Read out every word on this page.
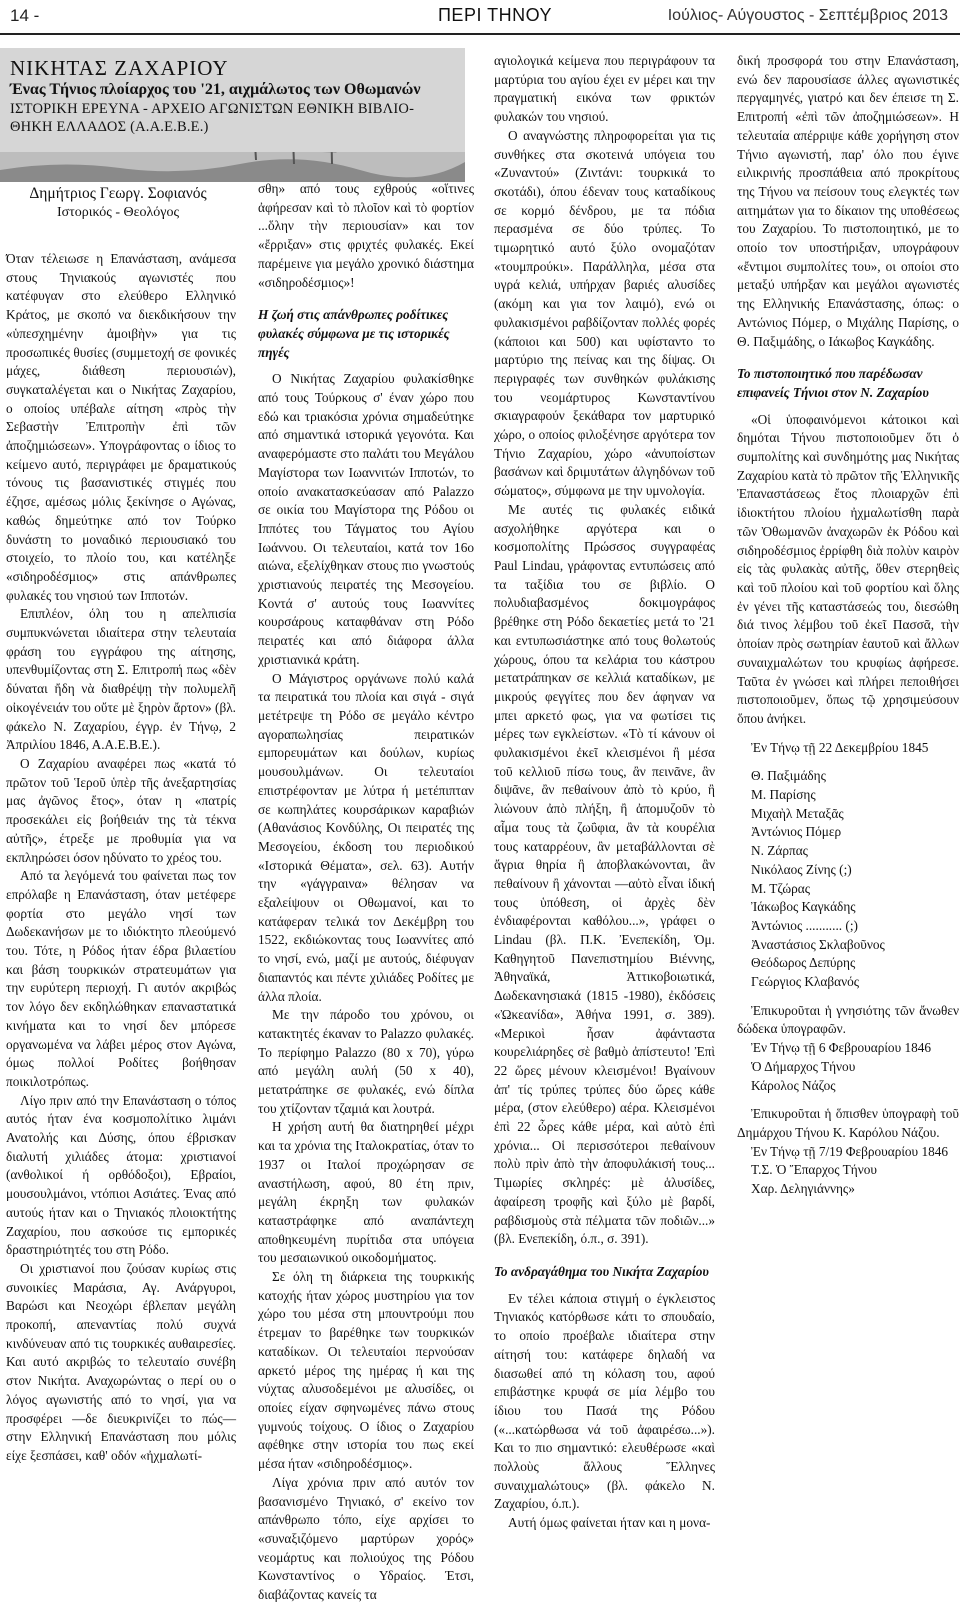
14 -	ΠΕΡΙ ΤΗΝΟΥ	Ιούλιος- Αύγουστος - Σεπτέμβριος 2013
ΝΙΚΗΤΑΣ ΖΑΧΑΡΙΟΥ
Ένας Τήνιος πλοίαρχος του '21, αιχμάλωτος των Οθωμανών
ΙΣΤΟΡΙΚΗ ΕΡΕΥΝΑ - ΑΡΧΕΙΟ ΑΓΩΝΙΣΤΩΝ ΕΘΝΙΚΗ ΒΙΒΛΙΟ-
ΘΗΚΗ ΕΛΛΑΔΟΣ (Α.Α.Ε.Β.Ε.)
Δημήτριος Γεωργ. Σοφιανός
Ιστορικός - Θεολόγος

Όταν τέλειωσε η Επανάσταση, ανάμεσα στους Τηνιακούς αγωνιστές που κατέφυγαν στο ελεύθερο Ελληνικό Κράτος, με σκοπό να διεκδικήσουν την «ὑπεσχημένην ἀμοιβὴν» για τις προσωπικές θυσίες (συμμετοχή σε φονικές μάχες, διάθεση περιουσιών), συγκαταλέγεται και ο Νικήτας Ζαχαρίου, ο οποίος υπέβαλε αίτηση «πρὸς τὴν Σεβαστὴν Ἐπιτροπὴν ἐπὶ τῶν ἀποζημιώσεων». Υπογράφοντας ο ίδιος το κείμενο αυτό, περιγράφει με δραματικούς τόνους τις βασανιστικές στιγμές που έζησε, αμέσως μόλις ξεκίνησε ο Αγώνας, καθώς δημεύτηκε από τον Τούρκο δυνάστη το μοναδικό περιουσιακό του στοιχείο, το πλοίο του, και κατέληξε «σιδηροδέσμιος» στις απάνθρωπες φυλακές του νησιού των Ιπποτών.

Επιπλέον, όλη του η απελπισία συμπυκνώνεται ιδιαίτερα στην τελευταία φράση του εγγράφου της αίτησης, υπενθυμίζοντας στη Σ. Επιτροπή πως «δὲν δύναται ἤδη νὰ διαθρέψῃ τὴν πολυμελῆ οἰκογένειάν του οὔτε μὲ ξηρὸν ἄρτον» (βλ. φάκελο Ν. Ζαχαρίου, έγγρ. ἐν Τήνῳ, 2 Ἀπριλίου 1846, Α.Α.Ε.Β.Ε.).

Ο Ζαχαρίου αναφέρει πως «κατά τό πρῶτον τοῦ Ἱεροῦ ὑπὲρ τῆς ἀνεξαρτησίας μας ἀγῶνος ἔτος», όταν η «πατρίς προσεκάλει εἰς βοήθειάν της τὰ τέκνα αὐτῆς», έτρεξε με προθυμία για να εκπληρώσει όσον ηδύνατο το χρέος του.

Από τα λεγόμενά του φαίνεται πως τον επρόλαβε η Επανάσταση, όταν μετέφερε φορτία στο μεγάλο νησί των Δωδεκανήσων με το ιδιόκτητο πλεούμενό του. Τότε, η Ρόδος ήταν έδρα βιλαετίου και βάση τουρκικών στρατευμάτων για την ευρύτερη περιοχή. Γι αυτόν ακριβώς τον λόγο δεν εκδηλώθηκαν επαναστατικά κινήματα και το νησί δεν μπόρεσε οργανωμένα να λάβει μέρος στον Αγώνα, όμως πολλοί Ροδίτες βοήθησαν ποικιλοτρόπως.

Λίγο πριν από την Επανάσταση ο τόπος αυτός ήταν ένα κοσμοπολίτικο λιμάνι Ανατολής και Δύσης, όπου έβρισκαν διαλυτή χιλιάδες άτομα: χριστιανοί (ανθολικοί ή ορθόδοξοι), Εβραίοι, μουσουλμάνοι, ντόπιοι Ασιάτες. Ένας από αυτούς ήταν και ο Τηνιακός πλοιοκτήτης Ζαχαρίου, που ασκούσε τις εμπορικές δραστηριότητές του στη Ρόδο.

Οι χριστιανοί που ζούσαν κυρίως στις συνοικίες Μαράσια, Αγ. Ανάργυροι, Βαρώσι και Νεοχώρι έβλεπαν μεγάλη προκοπή, απεναντίας πολύ συχνά κινδύνευαν από τις τουρκικές αυθαιρεσίες. Και αυτό ακριβώς το τελευταίο συνέβη στον Νικήτα. Αναχωρώντας ο περί ου ο λόγος αγωνιστής από το νησί, για να προσφέρει —δε διευκρινίζει το πώς— στην Ελληνική Επανάσταση που μόλις είχε ξεσπάσει, καθ' οδόν «ἠχμαλωτί-

σθη» από τους εχθρούς «οἵτινες ἀφήρεσαν καὶ τὸ πλοῖον καὶ τὸ φορτίον ...ὅλην τὴν περιουσίαν» και τον «ἔρριξαν» στις φριχτές φυλακές. Εκεί παρέμεινε για μεγάλο χρονικό διάστημα «σιδηροδέσμιος»!

Η ζωή στις απάνθρωπες ροδίτικες φυλακές σύμφωνα με τις ιστορικές πηγές

Ο Νικήτας Ζαχαρίου φυλακίσθηκε από τους Τούρκους σ' έναν χώρο που εδώ και τριακόσια χρόνια σημαδεύτηκε από σημαντικά ιστορικά γεγονότα. Και αναφερόμαστε στο παλάτι του Μεγάλου Μαγίστορα των Ιωαννιτών Ιπποτών, το οποίο ανακατασκεύασαν από Palazzo σε οικία του Μαγίστορα της Ρόδου οι Ιππότες του Τάγματος του Αγίου Ιωάννου. Οι τελευταίοι, κατά τον 16ο αιώνα, εξελίχθηκαν στους πιο γνωστούς χριστιανούς πειρατές της Μεσογείου. Κοντά σ' αυτούς τους Ιωαννίτες κουρσάρους καταφθάναν στη Ρόδο πειρατές και από διάφορα άλλα χριστιανικά κράτη.

Ο Μάγιστρος οργάνωνε πολύ καλά τα πειρατικά του πλοία και σιγά - σιγά μετέτρεψε τη Ρόδο σε μεγάλο κέντρο αγοραπωλησίας πειρατικών εμπορευμάτων και δούλων, κυρίως μουσουλμάνων. Οι τελευταίοι επιστρέφονταν με λύτρα ή μετέπιπταν σε κωπηλάτες κουρσάρικων καραβιών (Αθανάσιος Κονδύλης, Οι πειρατές της Μεσογείου, έκδοση του περιοδικού «Ιστορικά Θέματα», σελ. 63). Αυτήν την «γάγγραινα» θέλησαν να εξαλείψουν οι Οθωμανοί, και το κατάφεραν τελικά τον Δεκέμβρη του 1522, εκδιώκοντας τους Ιωαννίτες από το νησί, ενώ, μαζί με αυτούς, διέφυγαν διαπαντός και πέντε χιλιάδες Ροδίτες με άλλα πλοία.

Με την πάροδο του χρόνου, οι κατακτητές έκαναν το Palazzo φυλακές. Το περίφημο Palazzo (80 x 70), γύρω από μεγάλη αυλή (50 x 40), μετατράπηκε σε φυλακές, ενώ δίπλα του χτίζονταν τζαμιά και λουτρά.

Η χρήση αυτή θα διατηρηθεί μέχρι και τα χρόνια της Ιταλοκρατίας, όταν το 1937 οι Ιταλοί προχώρησαν σε αναστήλωση, αφού, 80 έτη πριν, μεγάλη έκρηξη των φυλακών καταστράφηκε από αναπάντεχη αποθηκευμένη πυρίτιδα στα υπόγεια του μεσαιωνικού οικοδομήματος.

Σε όλη τη διάρκεια της τουρκικής κατοχής ήταν χώρος μυστηρίου για τον χώρο του μέσα στη μπουντρούμι που έτρεμαν το βαρέθηκε των τουρκικών καταδίκων. Οι τελευταίοι περνούσαν αρκετό μέρος της ημέρας ή και της νύχτας αλυσοδεμένοι με αλυσίδες, οι οποίες είχαν σφηνωμένες πάνω στους γυμνούς τοίχους. Ο ίδιος ο Ζαχαρίου αφέθηκε στην ιστορία του πως εκεί μέσα ήταν «σιδηροδέσμιος».

Λίγα χρόνια πριν από αυτόν τον βασανισμένο Τηνιακό, σ' εκείνο τον απάνθρωπο τόπο, είχε αρχίσει το «συναξιζόμενο μαρτύρων χορός» νεομάρτυς και πολιούχος της Ρόδου Κωνσταντίνος ο Υδραίος. Έτσι, διαβάζοντας κανείς τα

αγιολογικά κείμενα που περιγράφουν τα μαρτύρια του αγίου έχει εν μέρει και την πραγματική εικόνα των φρικτών φυλακών του νησιού.

Ο αναγνώστης πληροφορείται για τις συνθήκες στα σκοτεινά υπόγεια του «Ζυναντού» (Ζιντάνι: τουρκικά το σκοτάδι), όπου έδεναν τους καταδίκους σε κορμό δένδρου, με τα πόδια περασμένα σε δύο τρύπες. Το τιμωρητικό αυτό ξύλο ονομαζόταν «τουμπρούκι». Παράλληλα, μέσα στα υγρά κελιά, υπήρχαν βαριές αλυσίδες (ακόμη και για τον λαιμό), ενώ οι φυλακισμένοι ραβδίζονταν πολλές φορές (κάποιοι και 500) και υφίσταντο το μαρτύριο της πείνας και της δίψας. Οι περιγραφές των συνθηκών φυλάκισης του νεομάρτυρος Κωνσταντίνου σκιαγραφούν ξεκάθαρα τον μαρτυρικό χώρο, ο οποίος φιλοξένησε αργότερα τον Τήνιο Ζαχαρίου, χώρο «ἀνυποίστων βασάνων καὶ δριμυτάτων ἀλγηδόνων τοῦ σώματος», σύμφωνα με την υμνολογία.

Με αυτές τις φυλακές ειδικά ασχολήθηκε αργότερα και ο κοσμοπολίτης Πρώσσος συγγραφέας Paul Lindau, γράφοντας εντυπώσεις από τα ταξίδια του σε βιβλίο. Ο πολυδιαβασμένος δοκιμογράφος βρέθηκε στη Ρόδο δεκαετίες μετά το '21 και εντυπωσιάστηκε από τους θολωτούς χώρους, όπου τα κελάρια του κάστρου μετατράπηκαν σε κελλιά καταδίκων, με μικρούς φεγγίτες που δεν άφηναν να μπει αρκετό φως, για να φωτίσει τις μέρες των εγκλείστων. «Τὸ τί κάνουν οἱ φυλακισμένοι ἐκεῖ κλεισμένοι ἢ μέσα τοῦ κελλιοῦ πίσω τους, ἂν πεινᾶνε, ἂν διψᾶνε, ἂν πεθαίνουν ἀπὸ τὸ κρύο, ἢ λιώνουν ἀπὸ πλήξη, ἢ ἀπομυζοῦν τὸ αἷμα τους τὰ ζωΰφια, ἂν τὰ κουρέλια τους καταρρέουν, ἂν μεταβάλλονται σὲ ἄγρια θηρία ἢ ἀποβλακώνονται, ἂν πεθαίνουν ἢ χάνονται —αὐτὸ εἶναι ἰδική τους ὑπόθεση, οἱ ἀρχὲς δὲν ἐνδιαφέρονται καθόλου...», γράφει ο Lindau (βλ. Π.Κ. Ἐνεπεκίδη, Ὁμ. Καθηγητοῦ Πανεπιστημίου Βιέννης, Ἀθηναϊκά, Ἀττικοβοιωτικά, Δωδεκανησιακά (1815 -1980), ἐκδόσεις «Ὠκεανίδα», Ἀθήνα 1991, σ. 389). «Μερικοὶ ἦσαν ἀφάνταστα κουρελιάρηδες σὲ βαθμὸ ἀπίστευτο! Ἐπὶ 22 ὥρες μένουν κλεισμένοι! Βγαίνουν ἀπ' τίς τρύπες τρύπες δύο ὥρες κάθε μέρα, (στον ελεύθερο) αέρα. Κλεισμένοι ἐπὶ 22 ὧρες κάθε μέρα, καὶ αὐτὸ ἐπὶ χρόνια... Οἱ περισσότεροι πεθαίνουν πολὺ πρὶν ἀπὸ τὴν ἀποφυλάκισή τους... Τιμωρίες σκληρές: μὲ ἁλυσίδες, ἀφαίρεση τροφῆς καὶ ξύλο μὲ βαρδί, ραβδισμοὺς στὰ πέλματα τῶν ποδιῶν...» (βλ. Ενεπεκίδη, ό.π., σ. 391).

Το ανδραγάθημα του Νικήτα Ζαχαρίου

Εν τέλει κάποια στιγμή ο έγκλειστος Τηνιακός κατόρθωσε κάτι το σπουδαίο, το οποίο προέβαλε ιδιαίτερα στην αίτησή του: κατάφερε δηλαδή να διασωθεί από τη κόλαση του, αφού επιβάστηκε κρυφά σε μία λέμβο του ίδιου του Πασά της Ρόδου («...κατώρθωσα νά τοῦ ἀφαιρέσω...»). Και το πιο σημαντικό: ελευθέρωσε «καὶ πολλοὺς ἄλλους Ἕλληνες συναιχμαλώτους» (βλ. φάκελο Ν. Ζαχαρίου, ό.π.).

Αυτή όμως φαίνεται ήταν και η μονα-

δική προσφορά του στην Επανάσταση, ενώ δεν παρουσίασε άλλες αγωνιστικές περγαμηνές, γιατρό και δεν έπεισε τη Σ. Επιτροπή «ἐπὶ τῶν ἀποζημιώσεων». Η τελευταία απέρριψε κάθε χορήγηση στον Τήνιο αγωνιστή, παρ' όλο που έγινε ειλικρινής προσπάθεια από προκρίτους της Τήνου να πείσουν τους ελεγκτές των αιτημάτων για το δίκαιον της υποθέσεως του Ζαχαρίου. Το πιστοποιητικό, με το οποίο τον υποστήριξαν, υπογράφουν «ἔντιμοι συμπολίτες του», οι οποίοι στο μεταξύ υπήρξαν και μεγάλοι αγωνιστές της Ελληνικής Επανάστασης, όπως: ο Αντώνιος Πόμερ, ο Μιχάλης Παρίσης, ο Θ. Παξιμάδης, ο Ιάκωβος Καγκάδης.

Το πιστοποιητικό που παρέδωσαν επιφανείς Τήνιοι στον Ν. Ζαχαρίου

«Οἱ ὑποφαινόμενοι κάτοικοι καὶ δημόται Τήνου πιστοποιοῦμεν ὅτι ὁ συμπολίτης καὶ συνδημότης μας Νικήτας Ζαχαρίου κατὰ τὸ πρῶτον τῆς Ἑλληνικῆς Ἐπαναστάσεως ἔτος πλοιαρχῶν ἐπὶ ἰδιοκτήτου πλοίου ἠχμαλωτίσθη παρὰ τῶν Ὀθωμανῶν ἀναχωρῶν ἐκ Ρόδου καὶ σιδηροδέσμιος ἐρρίφθη διὰ πολὺν καιρὸν εἰς τὰς φυλακὰς αὐτῆς, ὅθεν στερηθεὶς καὶ τοῦ πλοίου καὶ τοῦ φορτίου καὶ ὅλης ἐν γένει τῆς καταστάσεώς του, διεσώθη διά τινος λέμβου τοῦ ἐκεῖ Πασσᾶ, τὴν ὁποίαν πρὸς σωτηρίαν ἑαυτοῦ καὶ ἄλλων συναιχμαλώτων του κρυφίως ἀφήρεσε. Ταῦτα ἐν γνώσει καὶ πλήρει πεποιθήσει πιστοποιοῦμεν, ὅπως τῷ χρησιμεύσουν ὅπου ἀνήκει.

Ἐν Τήνῳ τῇ 22 Δεκεμβρίου 1845

Θ. Παξιμάδης

Μ. Παρίσης

Μιχαὴλ Μεταξᾶς

Ἀντώνιος Πόμερ

Ν. Ζάρπας

Νικόλαος Ζίνης (;)

Μ. Τζώρας

Ἰάκωβος Καγκάδης

Ἀντώνιος ........... (;)

Ἀναστάσιος Σκλαβοῦνος

Θεόδωρος Δεπύρης

Γεώργιος Κλαβανός

Ἐπικυροῦται ἡ γνησιότης τῶν ἄνωθεν δώδεκα ὑπογραφῶν.

Ἐν Τήνῳ τῇ 6 Φεβρουαρίου 1846

Ὁ Δήμαρχος Τήνου

Κάρολος Νάζος

Ἐπικυροῦται ἡ ὅπισθεν ὑπογραφὴ τοῦ Δημάρχου Τήνου Κ. Καρόλου Νάζου.

Ἐν Τήνῳ τῇ 7/19 Φεβρουαρίου 1846

Τ.Σ. Ὁ Ἔπαρχος Τήνου

Χαρ. Δεληγιάννης»
